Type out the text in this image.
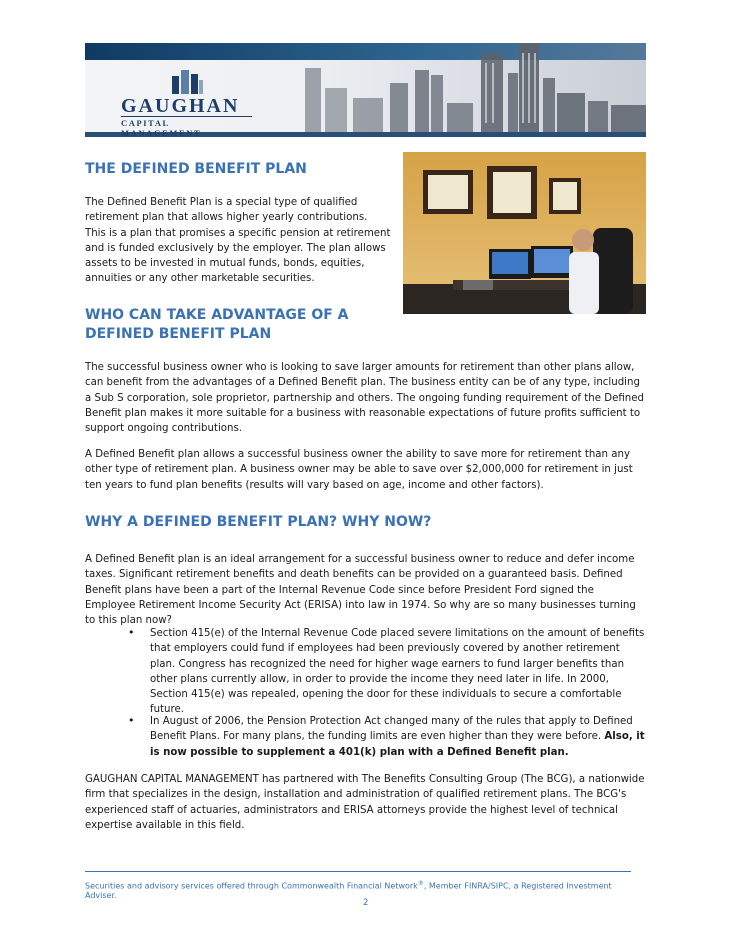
GAUGHAN
CAPITAL MANAGEMENT
THE DEFINED BENEFIT PLAN

The Defined Benefit Plan is a special type of qualified retirement plan that allows higher yearly contributions. This is a plan that promises a specific pension at retirement and is funded exclusively by the employer. The plan allows assets to be invested in mutual funds, bonds, equities, annuities or any other marketable securities.

WHO CAN TAKE ADVANTAGE OF A DEFINED BENEFIT PLAN

The successful business owner who is looking to save larger amounts for retirement than other plans allow, can benefit from the advantages of a Defined Benefit plan. The business entity can be of any type, including a Sub S corporation, sole proprietor, partnership and others. The ongoing funding requirement of the Defined Benefit plan makes it more suitable for a business with reasonable expectations of future profits sufficient to support ongoing contributions.

A Defined Benefit plan allows a successful business owner the ability to save more for retirement than any other type of retirement plan. A business owner may be able to save over $2,000,000 for retirement in just ten years to fund plan benefits (results will vary based on age, income and other factors).

WHY A DEFINED BENEFIT PLAN? WHY NOW?

A Defined Benefit plan is an ideal arrangement for a successful business owner to reduce and defer income taxes. Significant retirement benefits and death benefits can be provided on a guaranteed basis. Defined Benefit plans have been a part of the Internal Revenue Code since before President Ford signed the Employee Retirement Income Security Act (ERISA) into law in 1974. So why are so many businesses turning to this plan now?

• Section 415(e) of the Internal Revenue Code placed severe limitations on the amount of benefits that employers could fund if employees had been previously covered by another retirement plan. Congress has recognized the need for higher wage earners to fund larger benefits than other plans currently allow, in order to provide the income they need later in life. In 2000, Section 415(e) was repealed, opening the door for these individuals to secure a comfortable future.

• In August of 2006, the Pension Protection Act changed many of the rules that apply to Defined Benefit Plans. For many plans, the funding limits are even higher than they were before. Also, it is now possible to supplement a 401(k) plan with a Defined Benefit plan.

GAUGHAN CAPITAL MANAGEMENT has partnered with The Benefits Consulting Group (The BCG), a nationwide firm that specializes in the design, installation and administration of qualified retirement plans. The BCG's experienced staff of actuaries, administrators and ERISA attorneys provide the highest level of technical expertise available in this field.

Securities and advisory services offered through Commonwealth Financial Network®, Member FINRA/SIPC, a Registered Investment Adviser.
2
